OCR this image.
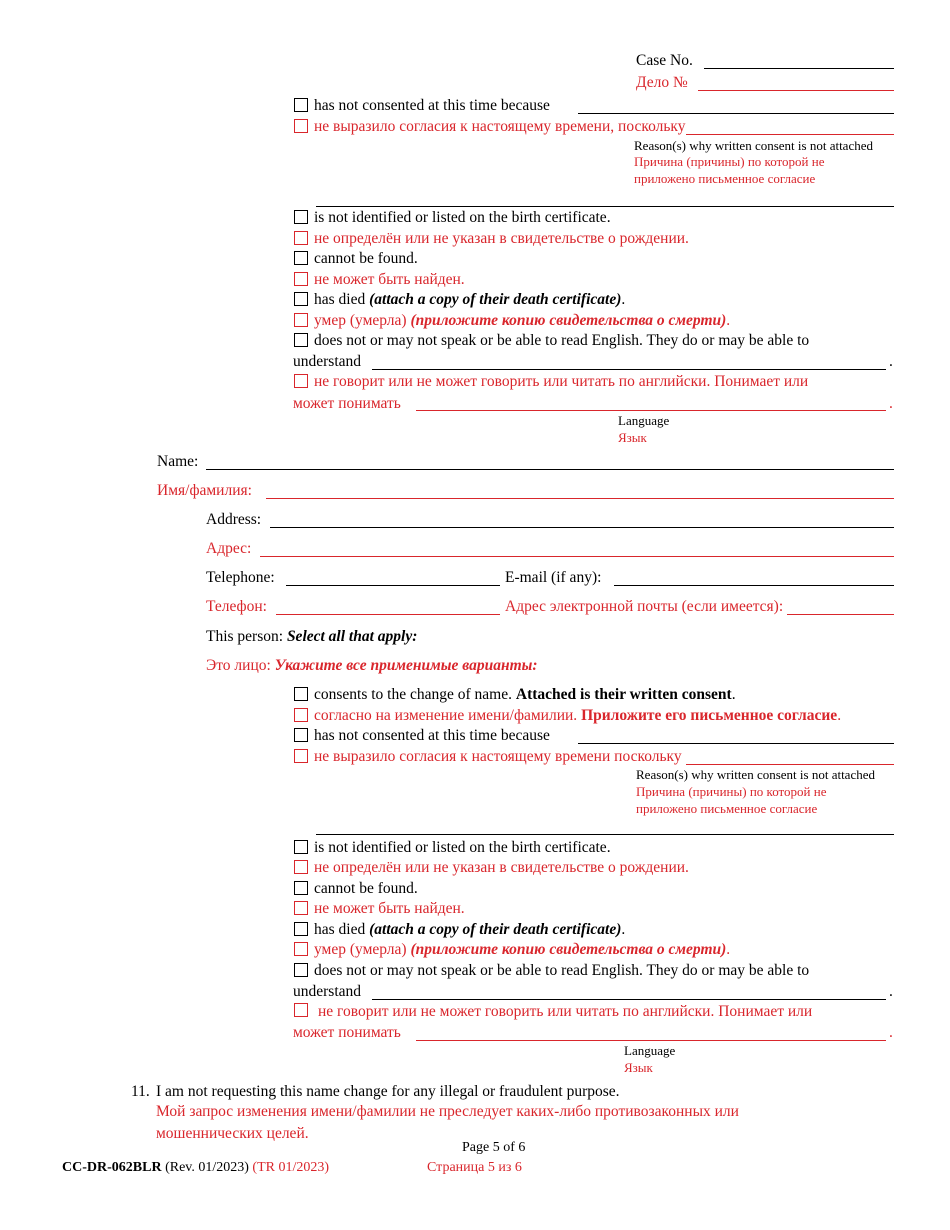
Case No.
Дело №
has not consented at this time because
не выразило согласия к настоящему времени, поскольку
Reason(s) why written consent is not attached
Причина (причины) по которой не
приложено письменное согласие
is not identified or listed on the birth certificate.
не определён или не указан в свидетельстве о рождении.
cannot be found.
не может быть найден.
has died (attach a copy of their death certificate).
умер (умерла) (приложите копию свидетельства о смерти).
does not or may not speak or be able to read English. They do or may be able to
understand	.
не говорит или не может говорить или читать по английски. Понимает или
может понимать	.
Language
Язык
Name:
Имя/фамилия:
Address:
Адрес:
Telephone:	E-mail (if any):
Телефон:	Адрес электронной почты (если имеется):
This person: Select all that apply:
Это лицо: Укажите все применимые варианты:
consents to the change of name. Attached is their written consent.
согласно на изменение имени/фамилии. Приложите его письменное согласие.
has not consented at this time because
не выразило согласия к настоящему времени поскольку
Reason(s) why written consent is not attached
Причина (причины) по которой не
приложено письменное согласие
is not identified or listed on the birth certificate.
не определён или не указан в свидетельстве о рождении.
cannot be found.
не может быть найден.
has died (attach a copy of their death certificate).
умер (умерла) (приложите копию свидетельства о смерти).
does not or may not speak or be able to read English. They do or may be able to
understand	.
не говорит или не может говорить или читать по английски. Понимает или
может понимать	.
Language
Язык
11. I am not requesting this name change for any illegal or fraudulent purpose.
Мой запрос изменения имени/фамилии не преследует каких-либо противозаконных или
мошеннических целей.
Page 5 of 6
CC-DR-062BLR (Rev. 01/2023) (TR 01/2023)	Страница 5 из 6
